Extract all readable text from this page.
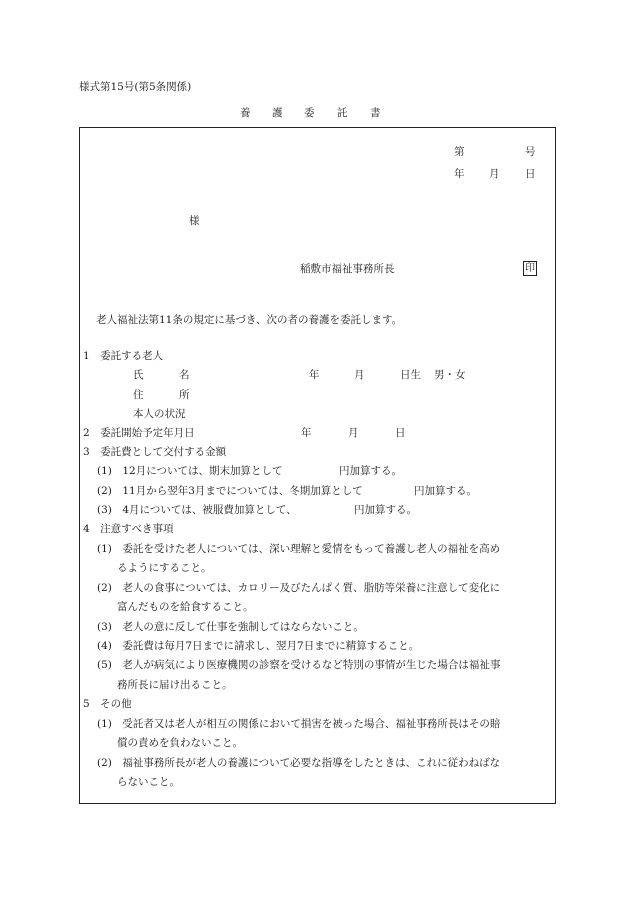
様式第15号(第5条関係)
養 護 委 託 書
第	号
年 月 日
様
稲敷市福祉事務所長	印
老人福祉法第11条の規定に基づき、次の者の養護を委託します。
1　委託する老人
氏	名	年	月	日生 男・女
住	所
本人の状況
2　委託開始予定年月日	年	月	日
3　委託費として交付する金額
(1)　12月については、期末加算として	円加算する。
(2)　11月から翌年3月までについては、冬期加算として	円加算する。
(3)　4月については、被服費加算として、	円加算する。
4　注意すべき事項
(1)　委託を受けた老人については、深い理解と愛情をもって養護し老人の福祉を高め
るようにすること。
(2)　老人の食事については、カロリー及びたんぱく質、脂肪等栄養に注意して変化に
富んだものを給食すること。
(3)　老人の意に反して仕事を強制してはならないこと。
(4)　委託費は毎月7日までに請求し、翌月7日までに精算すること。
(5)　老人が病気により医療機関の診察を受けるなど特別の事情が生じた場合は福祉事
務所長に届け出ること。
5　その他
(1)　受託者又は老人が相互の関係において損害を被った場合、福祉事務所長はその賠
償の責めを負わないこと。
(2)　福祉事務所長が老人の養護について必要な指導をしたときは、これに従わねばな
らないこと。
